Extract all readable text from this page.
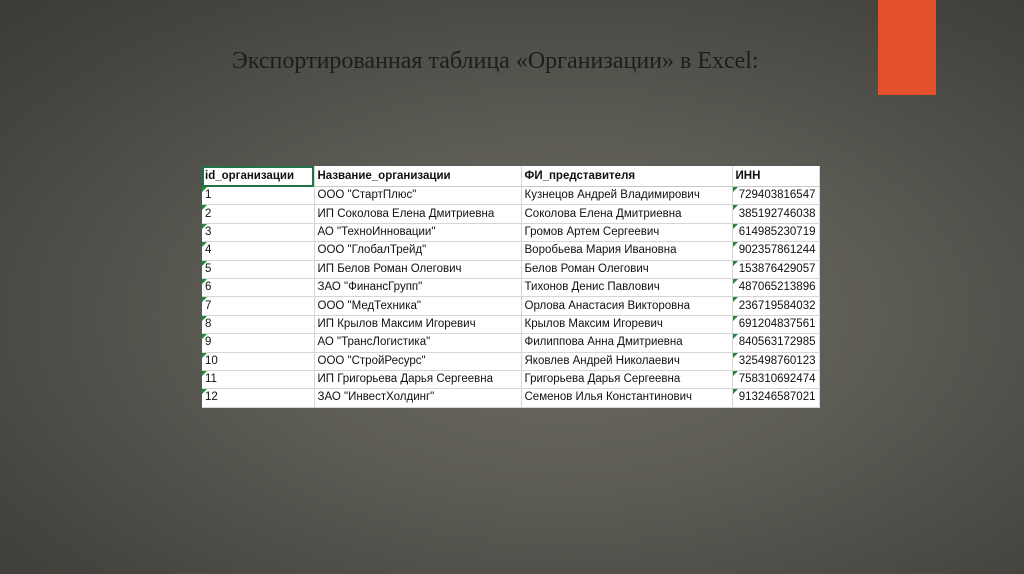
Экспортированная таблица «Организации» в Excel:
id_организации	Название_организации	ФИ_представителя	ИНН
1	ООО "СтартПлюс"	Кузнецов Андрей Владимирович	729403816547
2	ИП Соколова Елена Дмитриевна	Соколова Елена Дмитриевна	385192746038
3	АО "ТехноИнновации"	Громов Артем Сергеевич	614985230719
4	ООО "ГлобалТрейд"	Воробьева Мария Ивановна	902357861244
5	ИП Белов Роман Олегович	Белов Роман Олегович	153876429057
6	ЗАО "ФинансГрупп"	Тихонов Денис Павлович	487065213896
7	ООО "МедТехника"	Орлова Анастасия Викторовна	236719584032
8	ИП Крылов Максим Игоревич	Крылов Максим Игоревич	691204837561
9	АО "ТрансЛогистика"	Филиппова Анна Дмитриевна	840563172985
10	ООО "СтройРесурс"	Яковлев Андрей Николаевич	325498760123
11	ИП Григорьева Дарья Сергеевна	Григорьева Дарья Сергеевна	758310692474
12	ЗАО "ИнвестХолдинг"	Семенов Илья Константинович	913246587021
